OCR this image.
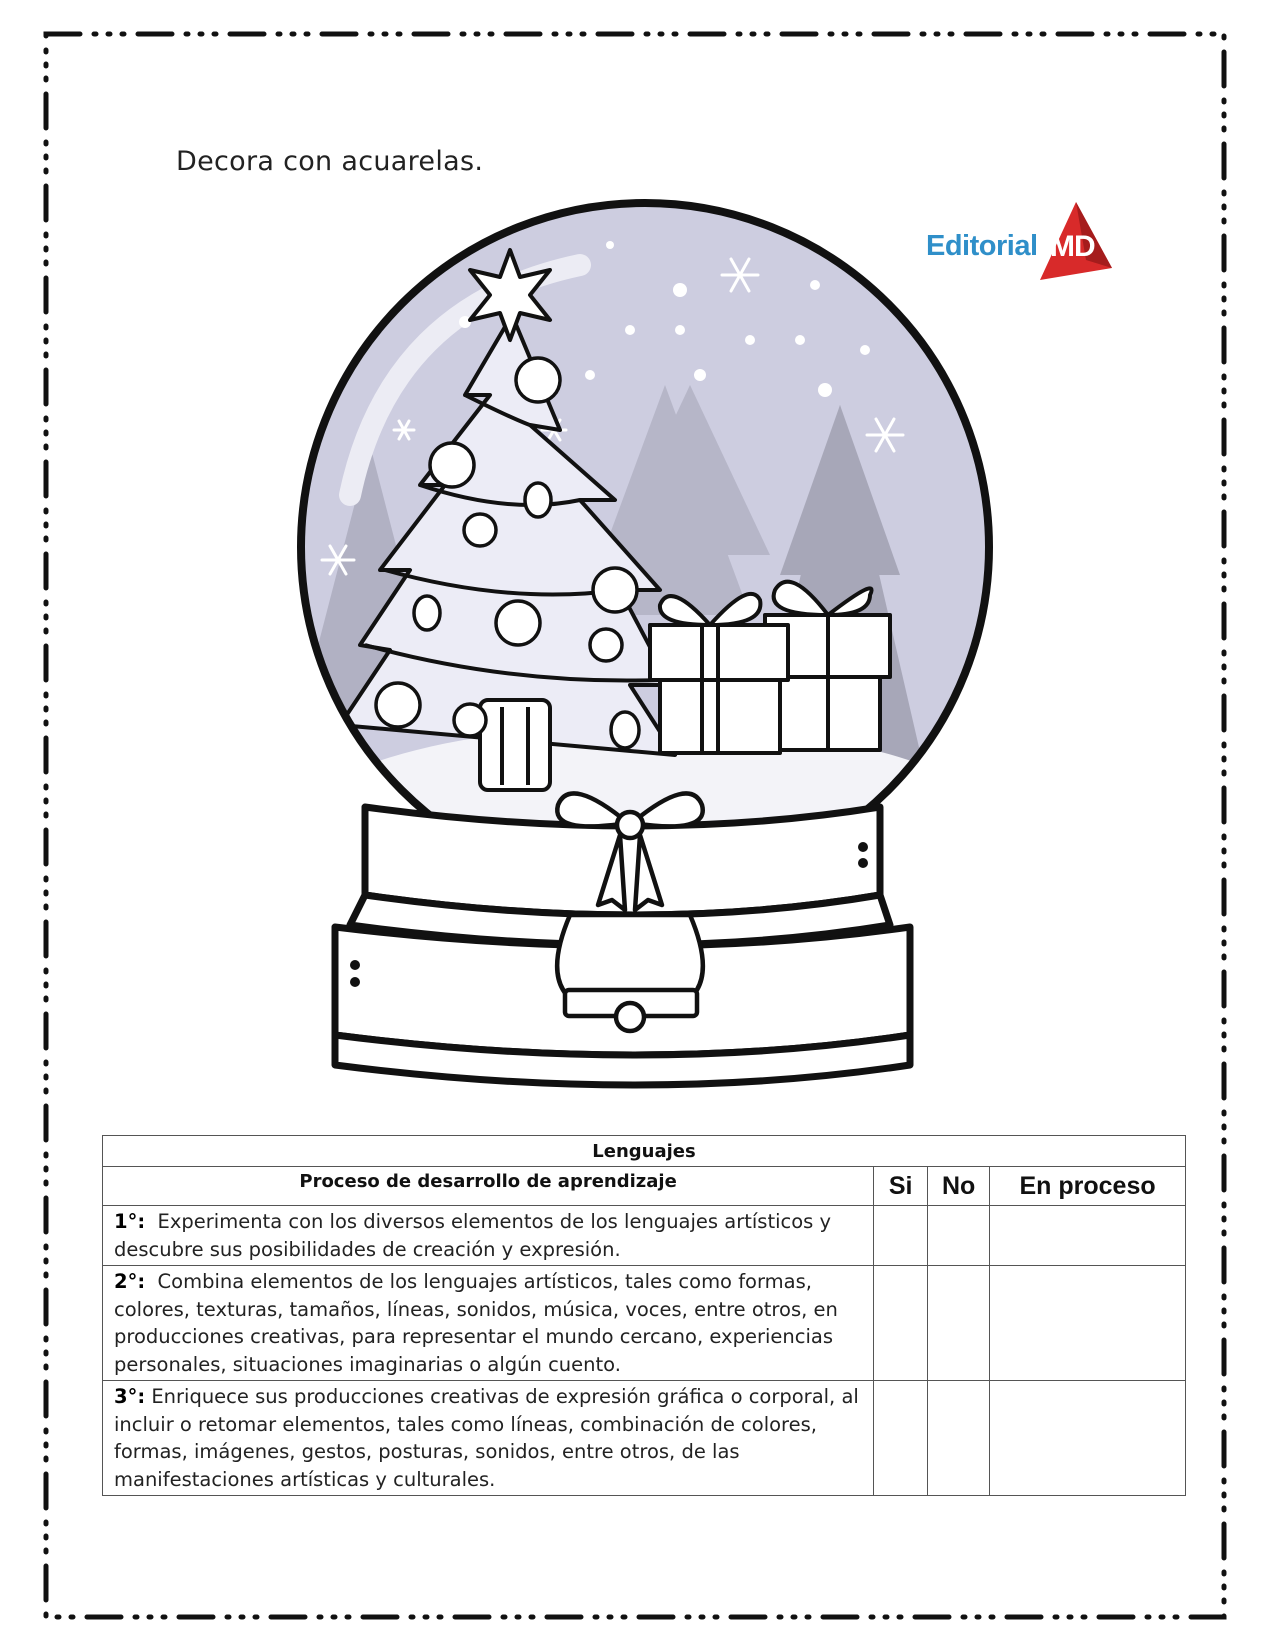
Decora con acuarelas.
Editorial MD
Lenguajes			
Proceso de desarrollo de aprendizaje	Si	No	En proceso
1°: Experimenta con los diversos elementos de los lenguajes artísticos y descubre sus posibilidades de creación y expresión.			
2°: Combina elementos de los lenguajes artísticos, tales como formas, colores, texturas, tamaños, líneas, sonidos, música, voces, entre otros, en producciones creativas, para representar el mundo cercano, experiencias personales, situaciones imaginarias o algún cuento.			
3°: Enriquece sus producciones creativas de expresión gráfica o corporal, al incluir o retomar elementos, tales como líneas, combinación de colores, formas, imágenes, gestos, posturas, sonidos, entre otros, de las manifestaciones artísticas y culturales.			
